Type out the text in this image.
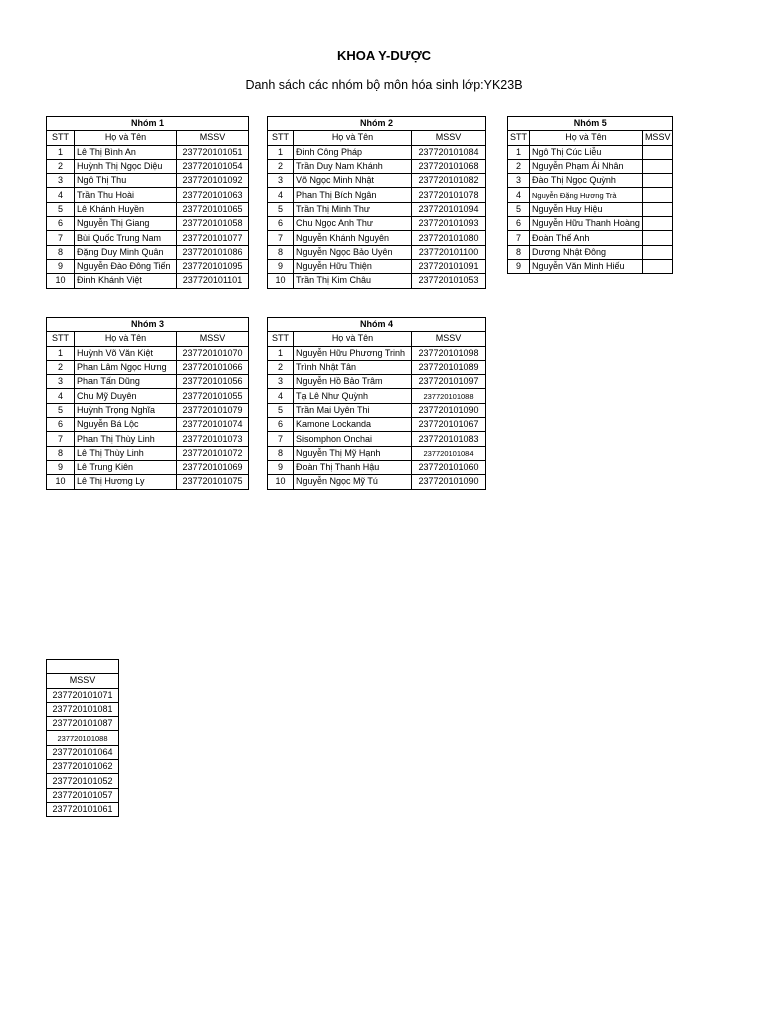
KHOA Y-DƯỢC
Danh sách các nhóm bộ môn hóa sinh lớp:YK23B
Nhóm 1		
STT	Họ và Tên	MSSV
1	Lê Thị Bình An	237720101051
2	Huỳnh Thị Ngọc Diệu	237720101054
3	Ngô Thị Thu	237720101092
4	Trần Thu Hoài	237720101063
5	Lê Khánh Huyền	237720101065
6	Nguyễn Thị Giang	237720101058
7	Bùi Quốc Trung Nam	237720101077
8	Đặng Duy Minh Quân	237720101086
9	Nguyễn Đào Đông Tiến	237720101095
10	Đinh Khánh Việt	237720101101
Nhóm 2		
STT	Họ và Tên	MSSV
1	Đinh Công Pháp	237720101084
2	Trần Duy Nam Khánh	237720101068
3	Võ Ngọc Minh Nhật	237720101082
4	Phan Thị Bích Ngân	237720101078
5	Trần Thị Minh Thư	237720101094
6	Chu Ngọc Anh Thư	237720101093
7	Nguyễn Khánh Nguyên	237720101080
8	Nguyễn Ngọc Bảo Uyên	237720101100
9	Nguyễn Hữu Thiện	237720101091
10	Trần Thị Kim Châu	237720101053
Nhóm 5		
STT	Họ và Tên	MSSV
1	Ngô Thị Cúc Liễu	
2	Nguyễn Phạm Ái Nhân	
3	Đào Thị Ngọc Quỳnh	
4	Nguyễn Đặng Hương Trà	
5	Nguyễn Huy Hiệu	
6	Nguyễn Hữu Thanh Hoàng	
7	Đoàn Thế Anh	
8	Dương Nhật Đông	
9	Nguyễn Văn Minh Hiếu	
Nhóm 3		
STT	Họ và Tên	MSSV
1	Huỳnh Võ Văn Kiệt	237720101070
2	Phan Lâm Ngọc Hưng	237720101066
3	Phan Tấn Dũng	237720101056
4	Chu Mỹ Duyên	237720101055
5	Huỳnh Trọng Nghĩa	237720101079
6	Nguyễn Bá Lộc	237720101074
7	Phan Thị Thùy Linh	237720101073
8	Lê Thị Thùy Linh	237720101072
9	Lê Trung Kiên	237720101069
10	Lê Thị Hương Ly	237720101075
Nhóm 4		
STT	Họ và Tên	MSSV
1	Nguyễn Hữu Phương Trinh	237720101098
2	Trình Nhật Tân	237720101089
3	Nguyễn Hồ Bảo Trâm	237720101097
4	Tạ Lê Như Quỳnh	237720101088
5	Trần Mai Uyên Thi	237720101090
6	Kamone Lockanda	237720101067
7	Sisomphon Onchai	237720101083
8	Nguyễn Thị Mỹ Hạnh	237720101084
9	Đoàn Thị Thanh Hậu	237720101060
10	Nguyễn Ngọc Mỹ Tú	237720101090

MSSV
237720101071
237720101081
237720101087
237720101088
237720101064
237720101062
237720101052
237720101057
237720101061
